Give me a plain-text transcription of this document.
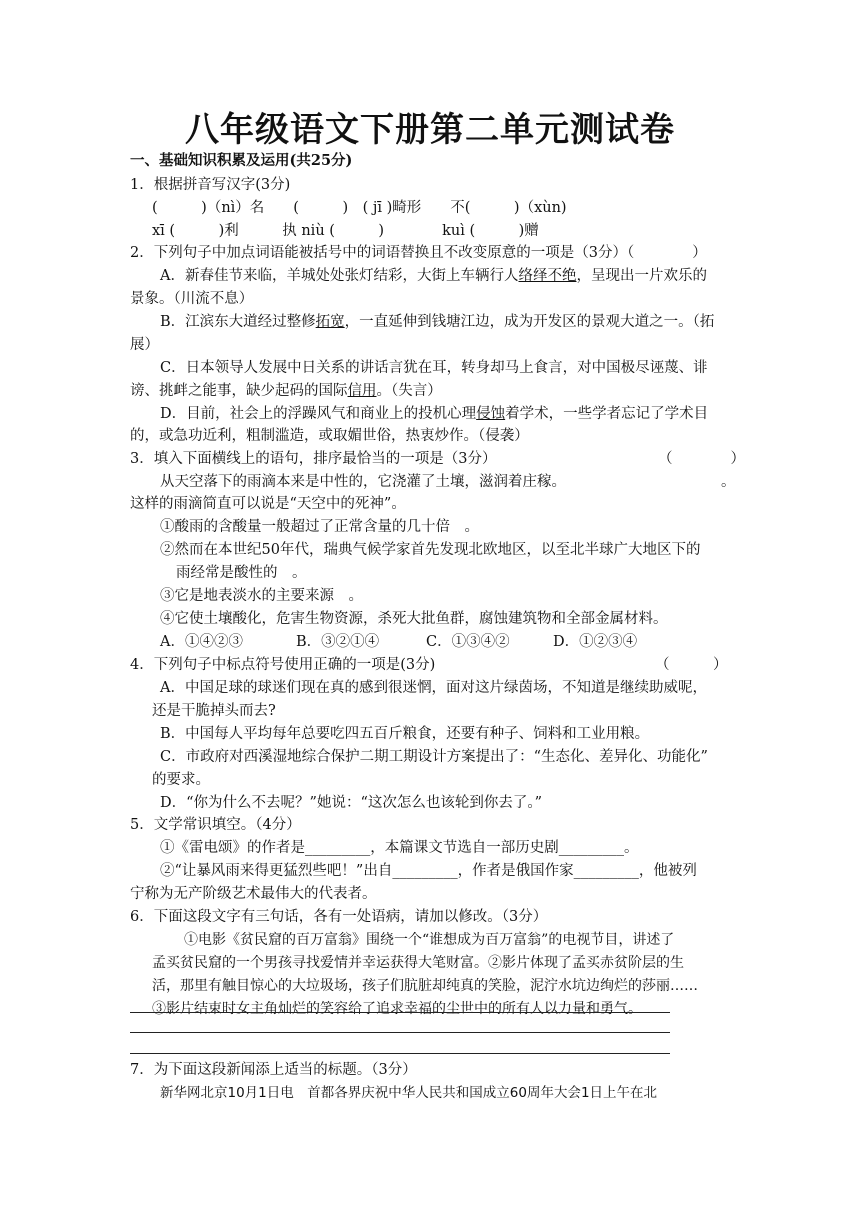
八年级语文下册第二单元测试卷
一、基础知识积累及运用(共25分)
1．根据拼音写汉字(3分)
(　　　)（nì）名　　(　　　)　( jī )畸形　　不(　　　)（xùn)
xī (　　　)利　　　执 niù (　　　)　　　　kuì (　　　)赠
2．下列句子中加点词语能被括号中的词语替换且不改变原意的一项是（3分）（　　　　）
A．新春佳节来临，羊城处处张灯结彩，大街上车辆行人络绎不绝，呈现出一片欢乐的
景象。（川流不息）
B．江滨东大道经过整修拓宽，一直延伸到钱塘江边，成为开发区的景观大道之一。（拓
展）
C．日本领导人发展中日关系的讲话言犹在耳，转身却马上食言，对中国极尽诬蔑、诽
谤、挑衅之能事，缺少起码的国际信用。（失言）
D．目前，社会上的浮躁风气和商业上的投机心理侵蚀着学术，一些学者忘记了学术目
的，或急功近利，粗制滥造，或取媚世俗，热衷炒作。（侵袭）
3．填入下面横线上的语句，排序最恰当的一项是（3分）	（　　　　）
从天空落下的雨滴本来是中性的，它浇灌了土壤，滋润着庄稼。	。
这样的雨滴简直可以说是“天空中的死神”。
①酸雨的含酸量一般超过了正常含量的几十倍　。
②然而在本世纪50年代，瑞典气候学家首先发现北欧地区，以至北半球广大地区下的
雨经常是酸性的　。
③它是地表淡水的主要来源　。
④它使土壤酸化，危害生物资源，杀死大批鱼群，腐蚀建筑物和全部金属材料。
A．①④②③	B．③②①④	C．①③④②	D．①②③④
4．下列句子中标点符号使用正确的一项是(3分)	（　　　）
A．中国足球的球迷们现在真的感到很迷惘，面对这片绿茵场，不知道是继续助威呢，
还是干脆掉头而去?
B．中国每人平均每年总要吃四五百斤粮食，还要有种子、饲料和工业用粮。
C．市政府对西溪湿地综合保护二期工期设计方案提出了：“生态化、差异化、功能化”
的要求。
D．“你为什么不去呢？”她说：“这次怎么也该轮到你去了。”
5．文学常识填空。（4分）
①《雷电颂》的作者是_________，本篇课文节选自一部历史剧_________。
②“让暴风雨来得更猛烈些吧！”出自_________，作者是俄国作家_________，他被列
宁称为无产阶级艺术最伟大的代表者。
6．下面这段文字有三句话，各有一处语病，请加以修改。（3分）
①电影《贫民窟的百万富翁》围绕一个“谁想成为百万富翁”的电视节目，讲述了
孟买贫民窟的一个男孩寻找爱情并幸运获得大笔财富。②影片体现了孟买赤贫阶层的生
活，那里有触目惊心的大垃圾场，孩子们肮脏却纯真的笑脸，泥泞水坑边绚烂的莎丽……
③影片结束时女主角灿烂的笑容给了追求幸福的尘世中的所有人以力量和勇气。
7．为下面这段新闻添上适当的标题。（3分）
新华网北京10月1日电　首都各界庆祝中华人民共和国成立60周年大会1日上午在北
